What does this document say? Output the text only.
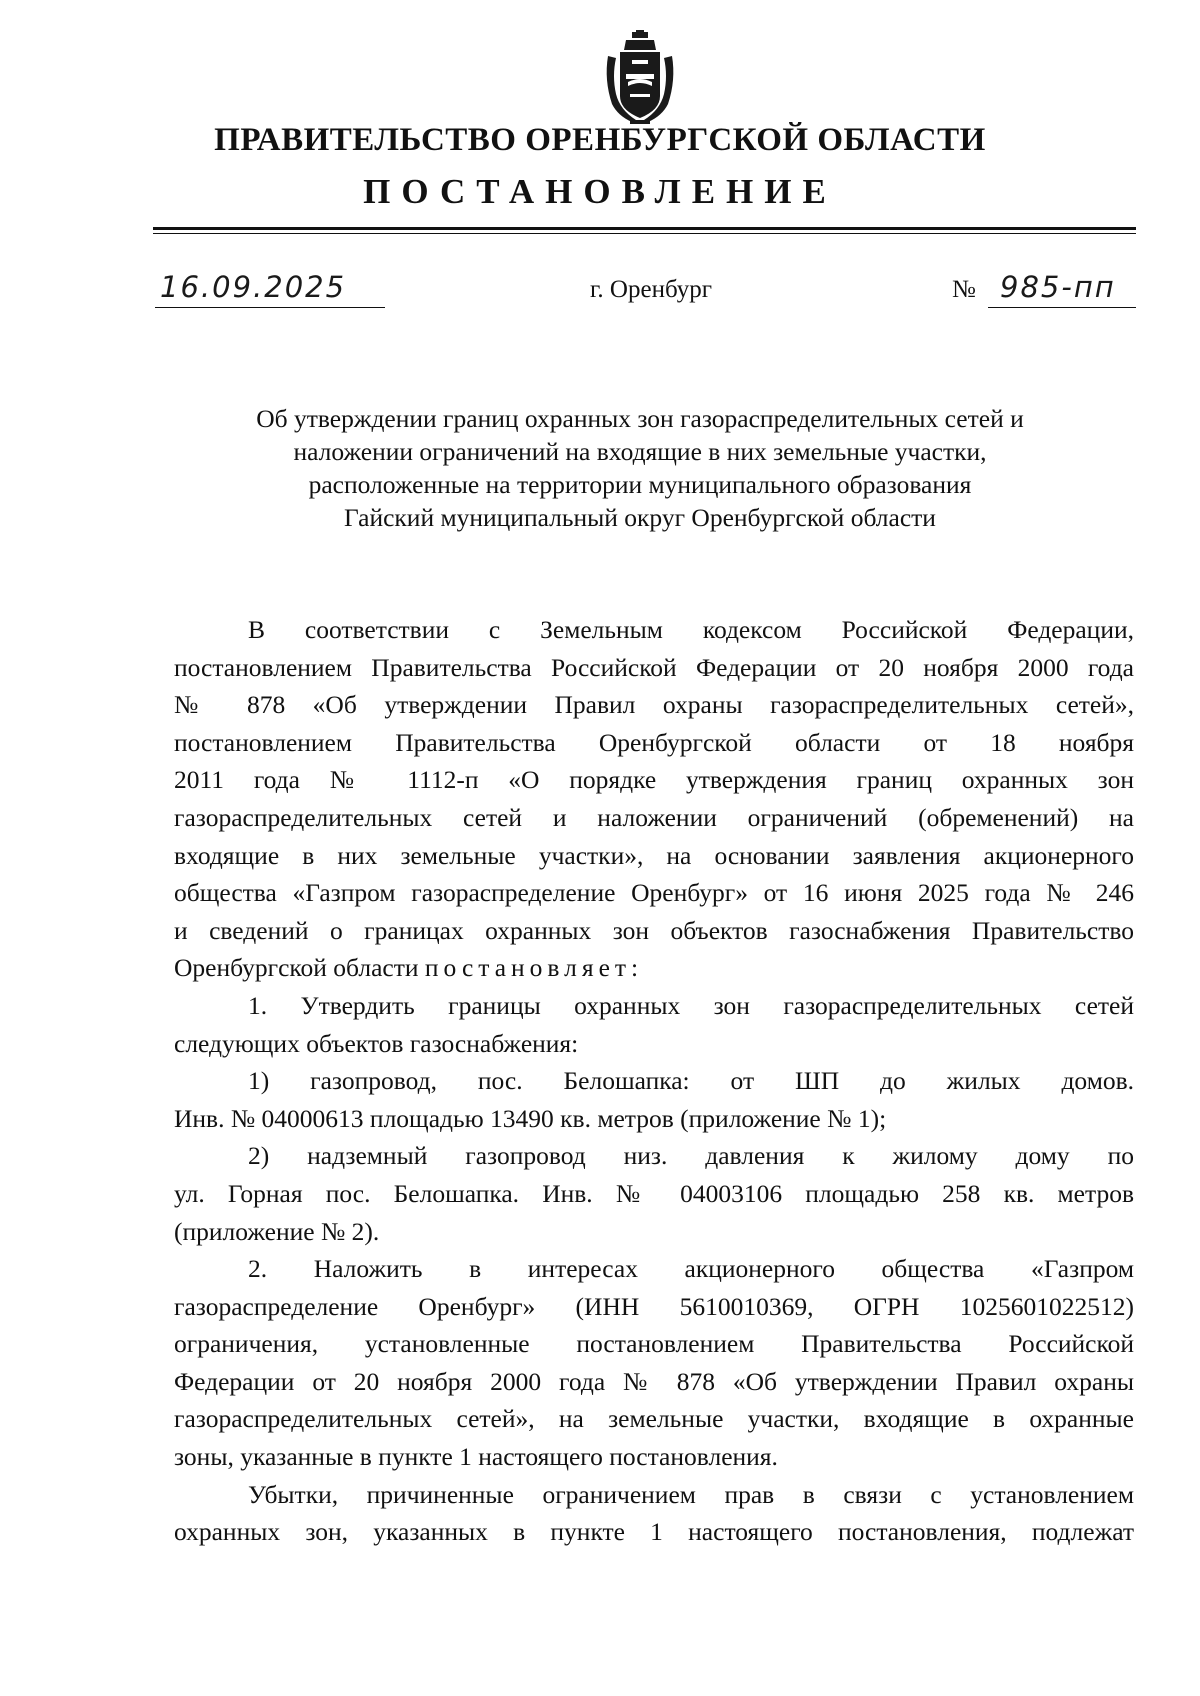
ПРАВИТЕЛЬСТВО ОРЕНБУРГСКОЙ ОБЛАСТИ
ПОСТАНОВЛЕНИЕ
16.09.2025	г. Оренбург	№ 985-пп
Об утверждении границ охранных зон газораспределительных сетей и
наложении ограничений на входящие в них земельные участки,
расположенные на территории муниципального образования
Гайский муниципальный округ Оренбургской области
В соответствии с Земельным кодексом Российской Федерации,
постановлением Правительства Российской Федерации от 20 ноября 2000 года
№ 878 «Об утверждении Правил охраны газораспределительных сетей»,
постановлением Правительства Оренбургской области от 18 ноября
2011 года № 1112-п «О порядке утверждения границ охранных зон
газораспределительных сетей и наложении ограничений (обременений) на
входящие в них земельные участки», на основании заявления акционерного
общества «Газпром газораспределение Оренбург» от 16 июня 2025 года № 246
и сведений о границах охранных зон объектов газоснабжения Правительство
Оренбургской области постановляет:
1. Утвердить границы охранных зон газораспределительных сетей
следующих объектов газоснабжения:
1) газопровод, пос. Белошапка: от ШП до жилых домов.
Инв. № 04000613 площадью 13490 кв. метров (приложение № 1);
2) надземный газопровод низ. давления к жилому дому по
ул. Горная пос. Белошапка. Инв. № 04003106 площадью 258 кв. метров
(приложение № 2).
2. Наложить в интересах акционерного общества «Газпром
газораспределение Оренбург» (ИНН 5610010369, ОГРН 1025601022512)
ограничения, установленные постановлением Правительства Российской
Федерации от 20 ноября 2000 года № 878 «Об утверждении Правил охраны
газораспределительных сетей», на земельные участки, входящие в охранные
зоны, указанные в пункте 1 настоящего постановления.
Убытки, причиненные ограничением прав в связи с установлением
охранных зон, указанных в пункте 1 настоящего постановления, подлежат
